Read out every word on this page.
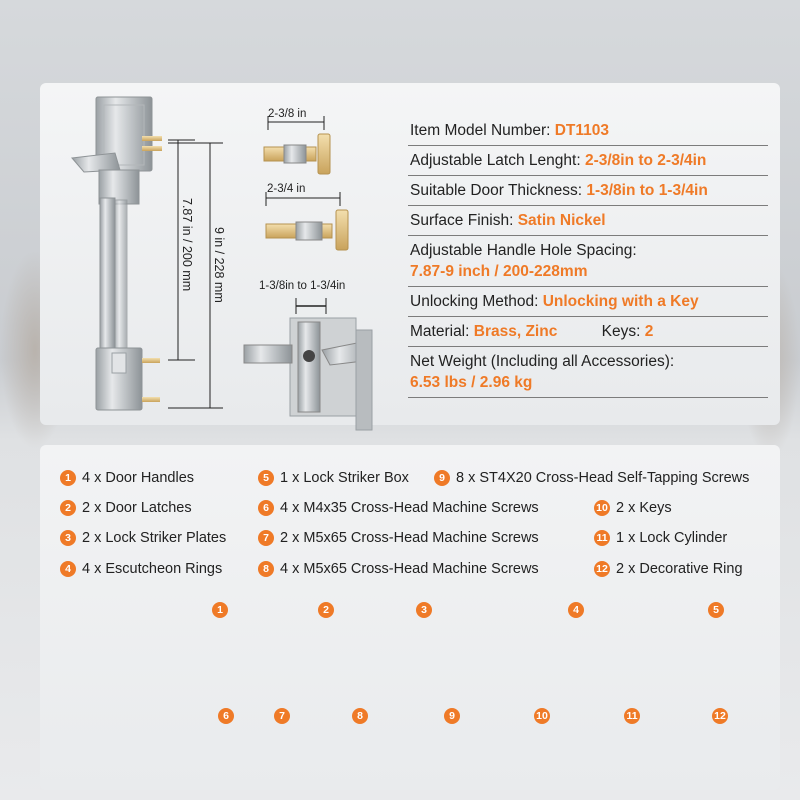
2-3/8 in
2-3/4 in
1-3/8in to 1-3/4in
7.87 in / 200 mm 9 in / 228 mm
Item Model Number: DT1103
Adjustable Latch Lenght: 2-3/8in to 2-3/4in
Suitable Door Thickness: 1-3/8in to 1-3/4in
Surface Finish: Satin Nickel
Adjustable Handle Hole Spacing:
7.87-9 inch / 200-228mm
Unlocking Method: Unlocking with a Key
Material: Brass, Zinc	Keys: 2
Net Weight (Including all Accessories):
6.53 lbs / 2.96 kg
1 4 x Door Handles
2 2 x Door Latches
3 2 x Lock Striker Plates
4 4 x Escutcheon Rings
5 1 x Lock Striker Box
6 4 x M4x35 Cross-Head Machine Screws
7 2 x M5x65 Cross-Head Machine Screws
8 4 x M5x65 Cross-Head Machine Screws
9 8 x ST4X20 Cross-Head Self-Tapping Screws
10 2 x Keys
11 1 x Lock Cylinder
12 2 x Decorative Ring
1	2	3	4	5
6	7	8	9	10	11	12
